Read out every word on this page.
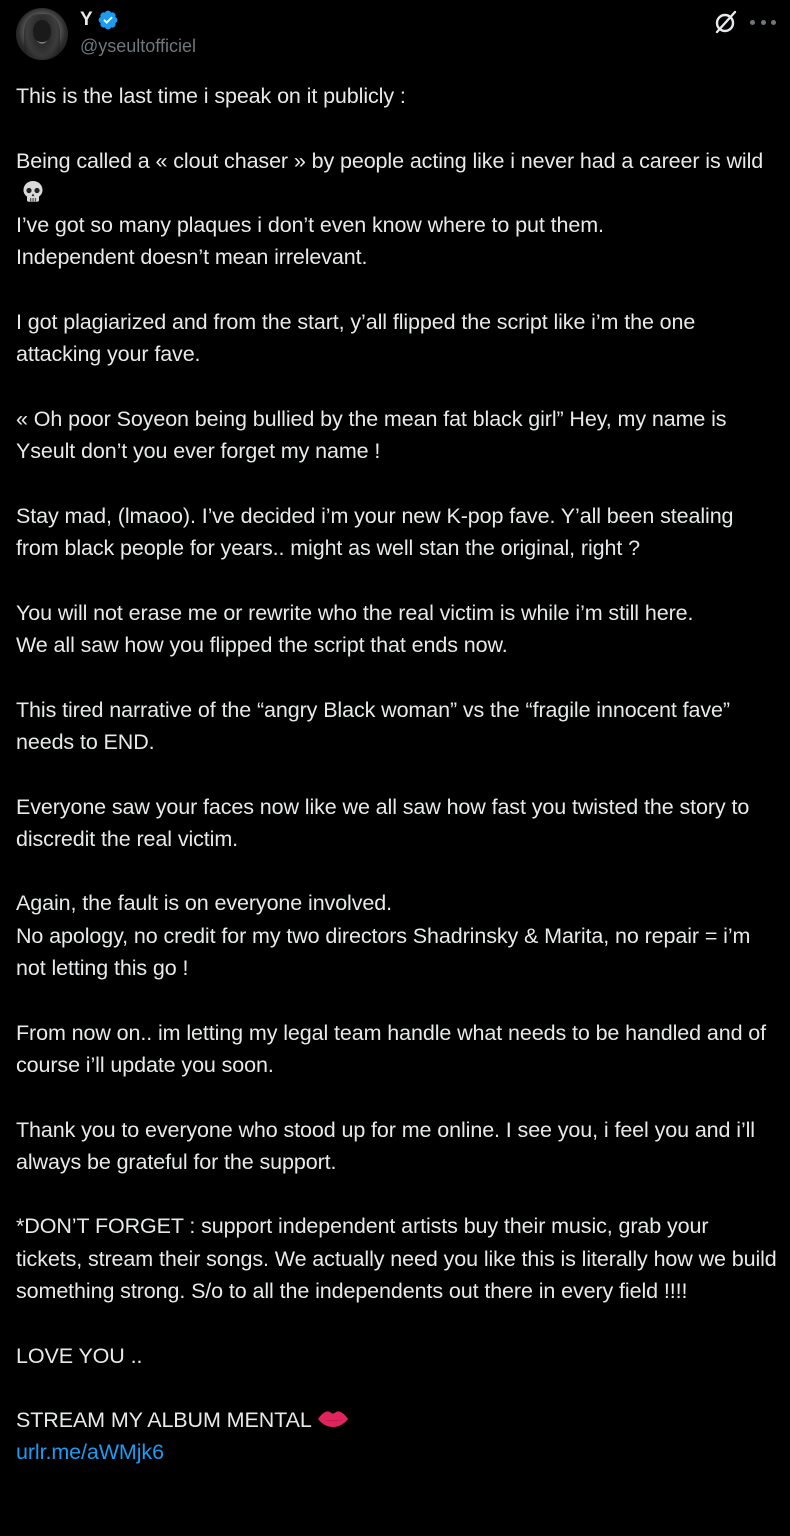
Y
@yseultofficiel

This is the last time i speak on it publicly :

Being called a « clout chaser » by people acting like i never had a career is wild

I’ve got so many plaques i don’t even know where to put them.

Independent doesn’t mean irrelevant.

I got plagiarized and from the start, y’all flipped the script like i’m the one attacking your fave.

« Oh poor Soyeon being bullied by the mean fat black girl” Hey, my name is Yseult don’t you ever forget my name !

Stay mad, (lmaoo). I’ve decided i’m your new K-pop fave. Y’all been stealing from black people for years.. might as well stan the original, right ?

You will not erase me or rewrite who the real victim is while i’m still here.

We all saw how you flipped the script that ends now.

This tired narrative of the “angry Black woman” vs the “fragile innocent fave” needs to END.

Everyone saw your faces now like we all saw how fast you twisted the story to discredit the real victim.

Again, the fault is on everyone involved.

No apology, no credit for my two directors Shadrinsky & Marita, no repair = i’m not letting this go !

From now on.. im letting my legal team handle what needs to be handled and of course i’ll update you soon.

Thank you to everyone who stood up for me online. I see you, i feel you and i’ll always be grateful for the support.

*DON’T FORGET : support independent artists buy their music, grab your tickets, stream their songs. We actually need you like this is literally how we build something strong. S/o to all the independents out there in every field !!!!

LOVE YOU ..

STREAM MY ALBUM MENTAL

urlr.me/aWMjk6
